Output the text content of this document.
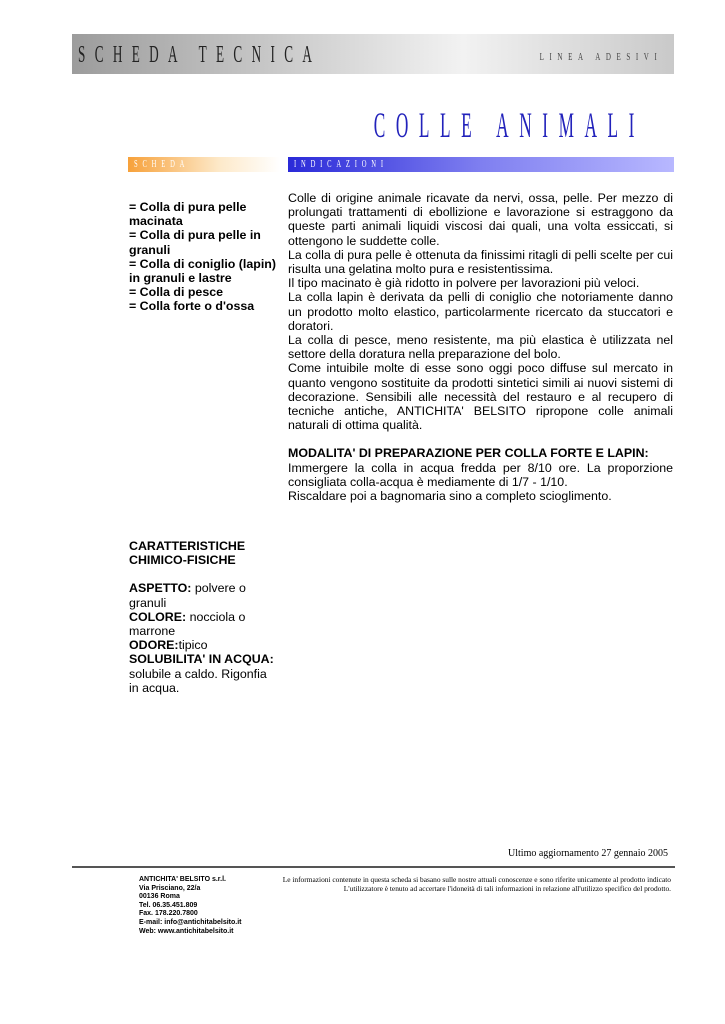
SCHEDA TECNICA	LINEA ADESIVI
COLLE ANIMALI
SCHEDA	INDICAZIONI
= Colla di pura pelle macinata
= Colla di pura pelle in granuli
= Colla di coniglio (lapin) in granuli e lastre
= Colla di pesce
= Colla forte o d'ossa

Colle di origine animale ricavate da nervi, ossa, pelle. Per mezzo di prolungati trattamenti di ebollizione e lavorazione si estraggono da queste parti animali liquidi viscosi dai quali, una volta essiccati, si ottengono le suddette colle.

La colla di pura pelle è ottenuta da finissimi ritagli di pelli scelte per cui risulta una gelatina molto pura e resistentissima.

Il tipo macinato è già ridotto in polvere per lavorazioni più veloci.

La colla lapin è derivata da pelli di coniglio che notoriamente danno un prodotto molto elastico, particolarmente ricercato da stuccatori e doratori.

La colla di pesce, meno resistente, ma più elastica è utilizzata nel settore della doratura nella preparazione del bolo.

Come intuibile molte di esse sono oggi poco diffuse sul mercato in quanto vengono sostituite da prodotti sintetici simili ai nuovi sistemi di decorazione. Sensibili alle necessità del restauro e al recupero di tecniche antiche, ANTICHITA' BELSITO ripropone colle animali naturali di ottima qualità.

MODALITA' DI PREPARAZIONE PER COLLA FORTE E LAPIN:

Immergere la colla in acqua fredda per 8/10 ore. La proporzione consigliata colla-acqua è mediamente di 1/7 - 1/10.

Riscaldare poi a bagnomaria sino a completo scioglimento.

CARATTERISTICHE CHIMICO-FISICHE
ASPETTO: polvere o granuli
COLORE: nocciola o marrone
ODORE:tipico
SOLUBILITA' IN ACQUA: solubile a caldo. Rigonfia in acqua.
Ultimo aggiornamento 27 gennaio 2005
ANTICHITA' BELSITO s.r.l.
Via Prisciano, 22/a
00136 Roma
Tel. 06.35.451.809
Fax. 178.220.7800
E-mail: info@antichitabelsito.it
Web: www.antichitabelsito.it
Le informazioni contenute in questa scheda si basano sulle nostre attuali conoscenze e sono riferite unicamente al prodotto indicato
L'utilizzatore è tenuto ad accertare l'idoneità di tali informazioni in relazione all'utilizzo specifico del prodotto.
